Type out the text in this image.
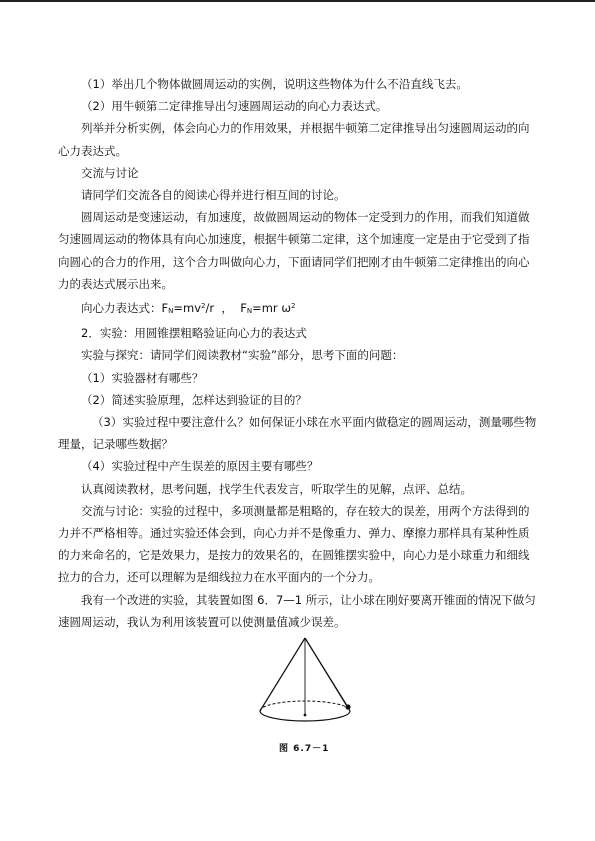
（1）举出几个物体做圆周运动的实例，说明这些物体为什么不沿直线飞去。

（2）用牛顿第二定律推导出匀速圆周运动的向心力表达式。

列举并分析实例，体会向心力的作用效果，并根据牛顿第二定律推导出匀速圆周运动的向心力表达式。

交流与讨论

请同学们交流各自的阅读心得并进行相互间的讨论。

圆周运动是变速运动，有加速度，故做圆周运动的物体一定受到力的作用，而我们知道做匀速圆周运动的物体具有向心加速度，根据牛顿第二定律，这个加速度一定是由于它受到了指向圆心的合力的作用，这个合力叫做向心力，下面请同学们把刚才由牛顿第二定律推出的向心力的表达式展示出来。

向心力表达式：$F_N=mv^2/r$  ，  $F_N=mr$ $\omega^2$

2．实验：用圆锥摆粗略验证向心力的表达式

实验与探究：请同学们阅读教材“实验”部分，思考下面的问题：

（1）实验器材有哪些？

（2）简述实验原理，怎样达到验证的目的？

（3）实验过程中要注意什么？如何保证小球在水平面内做稳定的圆周运动，测量哪些物理量，记录哪些数据？

（4）实验过程中产生误差的原因主要有哪些？

认真阅读教材，思考问题，找学生代表发言，听取学生的见解，点评、总结。

交流与讨论：实验的过程中，多项测量都是粗略的，存在较大的误差，用两个方法得到的力并不严格相等。通过实验还体会到，向心力并不是像重力、弹力、摩擦力那样具有某种性质的力来命名的，它是效果力，是按力的效果名的，在圆锥摆实验中，向心力是小球重力和细线拉力的合力，还可以理解为是细线拉力在水平面内的一个分力。

我有一个改进的实验，其装置如图 6．7—1 所示，让小球在刚好要离开锥面的情况下做匀速圆周运动，我认为利用该装置可以使测量值减少误差。

图 6.7－1
